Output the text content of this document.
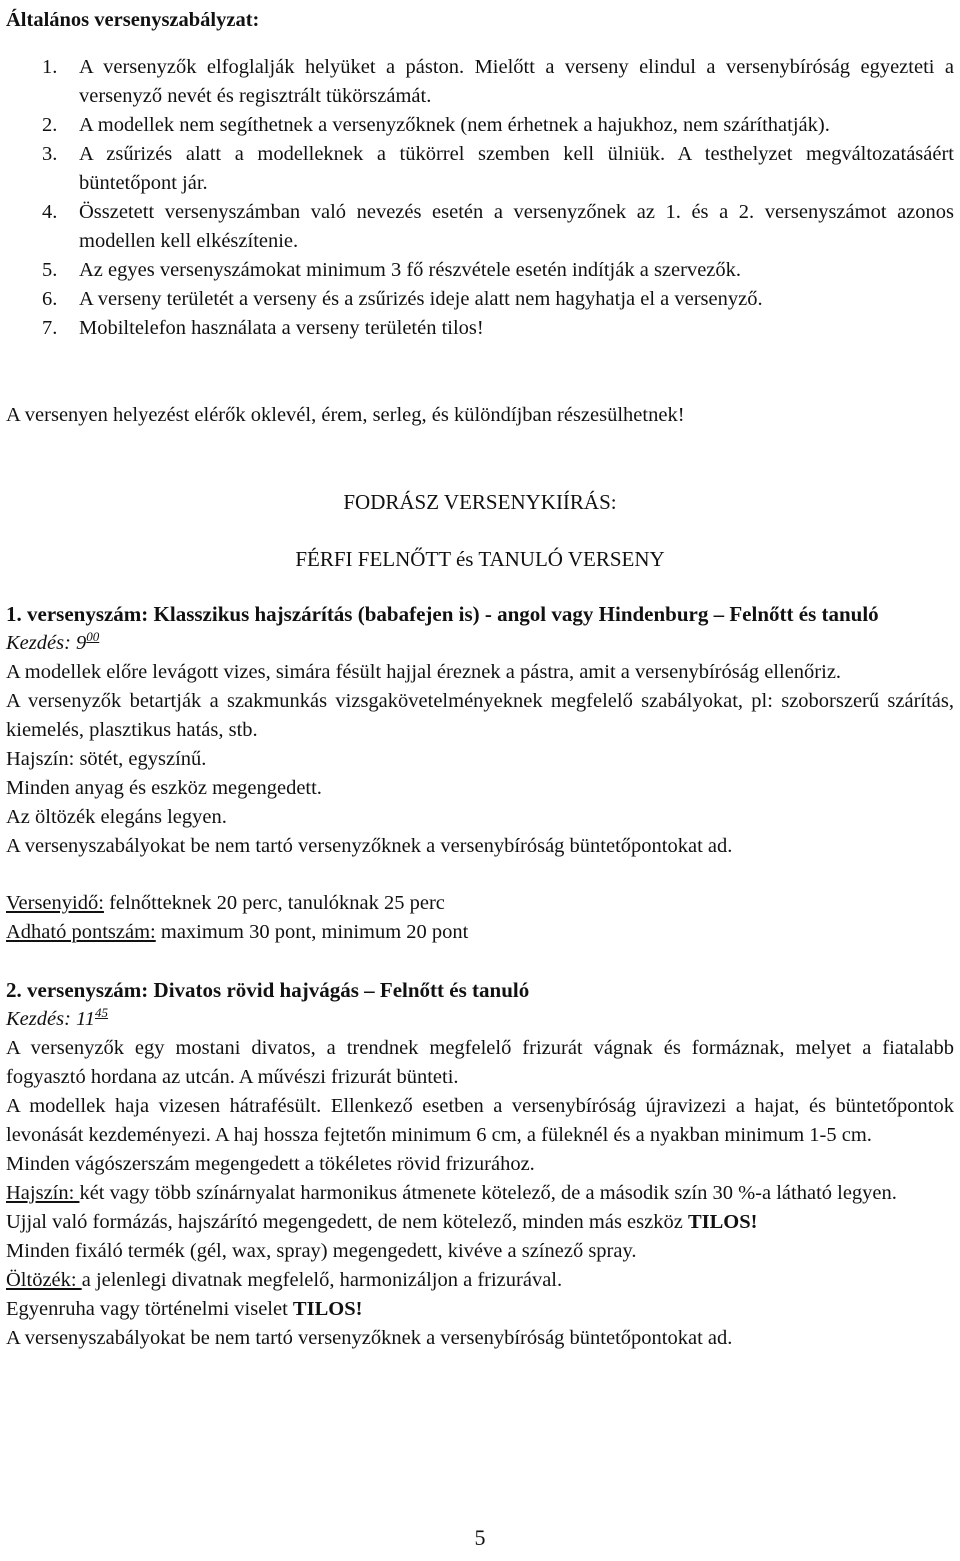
Általános versenyszabályzat:

1. A versenyzők elfoglalják helyüket a páston. Mielőtt a verseny elindul a versenybíróság egyezteti a versenyző nevét és regisztrált tükörszámát.
2. A modellek nem segíthetnek a versenyzőknek (nem érhetnek a hajukhoz, nem száríthatják).
3. A zsűrizés alatt a modelleknek a tükörrel szemben kell ülniük. A testhelyzet megváltozatásáért büntetőpont jár.
4. Összetett versenyszámban való nevezés esetén a versenyzőnek az 1. és a 2. versenyszámot azonos modellen kell elkészítenie.
5. Az egyes versenyszámokat minimum 3 fő részvétele esetén indítják a szervezők.
6. A verseny területét a verseny és a zsűrizés ideje alatt nem hagyhatja el a versenyző.
7. Mobiltelefon használata a verseny területén tilos!

A versenyen helyezést elérők oklevél, érem, serleg, és különdíjban részesülhetnek!

FODRÁSZ VERSENYKIÍRÁS:

FÉRFI FELNŐTT és TANULÓ VERSENY

1. versenyszám: Klasszikus hajszárítás (babafejen is) - angol vagy Hindenburg – Felnőtt és tanuló

Kezdés: $9^{00}$

A modellek előre levágott vizes, simára fésült hajjal éreznek a pástra, amit a versenybíróság ellenőriz.

A versenyzők betartják a szakmunkás vizsgakövetelményeknek megfelelő szabályokat, pl: szoborszerű szárítás, kiemelés, plasztikus hatás, stb.

Hajszín: sötét, egyszínű.

Minden anyag és eszköz megengedett.

Az öltözék elegáns legyen.

A versenyszabályokat be nem tartó versenyzőknek a versenybíróság büntetőpontokat ad.

Versenyidő: felnőtteknek 20 perc, tanulóknak 25 perc

Adható pontszám: maximum 30 pont, minimum 20 pont

2. versenyszám: Divatos rövid hajvágás – Felnőtt és tanuló

Kezdés: $11^{45}$

A versenyzők egy mostani divatos, a trendnek megfelelő frizurát vágnak és formáznak, melyet a fiatalabb fogyasztó hordana az utcán. A művészi frizurát bünteti.

A modellek haja vizesen hátrafésült. Ellenkező esetben a versenybíróság újravizezi a hajat, és büntetőpontok levonását kezdeményezi. A haj hossza fejtetőn minimum 6 cm, a füleknél és a nyakban minimum 1-5 cm.

Minden vágószerszám megengedett a tökéletes rövid frizurához.

Hajszín: két vagy több színárnyalat harmonikus átmenete kötelező, de a második szín 30 %-a látható legyen.

Ujjal való formázás, hajszárító megengedett, de nem kötelező, minden más eszköz TILOS!

Minden fixáló termék (gél, wax, spray) megengedett, kivéve a színező spray.

Öltözék: a jelenlegi divatnak megfelelő, harmonizáljon a frizurával.

Egyenruha vagy történelmi viselet TILOS!

A versenyszabályokat be nem tartó versenyzőknek a versenybíróság büntetőpontokat ad.

5
